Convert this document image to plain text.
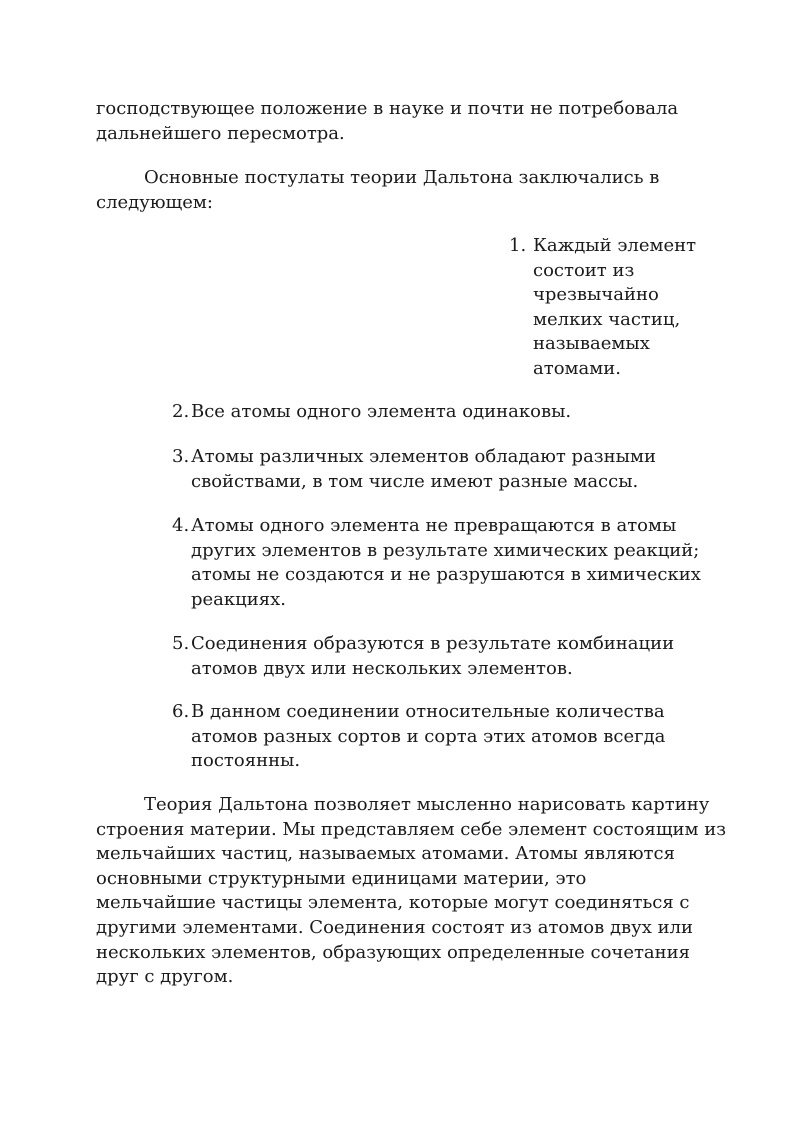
господствующее положение в науке и почти не потребовала
дальнейшего пересмотра.
Основные постулаты теории Дальтона заключались в
следующем:
1. Каждый элемент
состоит из
чрезвычайно
мелких частиц,
называемых
атомами.
2. Все атомы одного элемента одинаковы.
3. Атомы различных элементов обладают разными
свойствами, в том числе имеют разные массы.
4. Атомы одного элемента не превращаются в атомы
других элементов в результате химических реакций;
атомы не создаются и не разрушаются в химических
реакциях.
5. Соединения образуются в результате комбинации
атомов двух или нескольких элементов.
6. В данном соединении относительные количества
атомов разных сортов и сорта этих атомов всегда
постоянны.
Теория Дальтона позволяет мысленно нарисовать картину
строения материи. Мы представляем себе элемент состоящим из
мельчайших частиц, называемых атомами. Атомы являются
основными структурными единицами материи, это
мельчайшие частицы элемента, которые могут соединяться с
другими элементами. Соединения состоят из атомов двух или
нескольких элементов, образующих определенные сочетания
друг с другом.
